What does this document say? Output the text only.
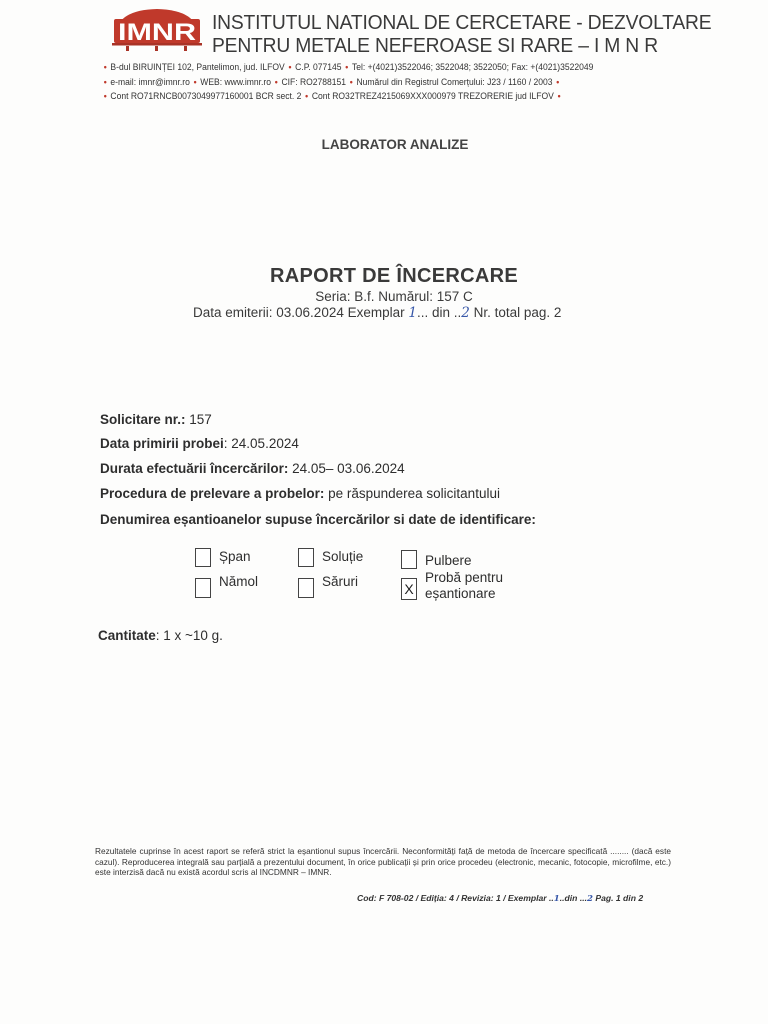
IMNR INSTITUTUL NATIONAL DE CERCETARE - DEZVOLTARE
PENTRU METALE NEFEROASE SI RARE – I M N R
• B-dul BIRUINȚEI 102, Pantelimon, jud. ILFOV • C.P. 077145 • Tel: +(4021)3522046; 3522048; 3522050; Fax: +(4021)3522049
• e-mail: imnr@imnr.ro • WEB: www.imnr.ro • CIF: RO2788151 • Numărul din Registrul Comerțului: J23 / 1160 / 2003 •
• Cont RO71RNCB0073049977160001 BCR sect. 2 • Cont RO32TREZ4215069XXX000979 TREZORERIE jud ILFOV •
LABORATOR ANALIZE
RAPORT DE ÎNCERCARE
Seria: B.f. Numărul: 157 C
Data emiterii: 03.06.2024 Exemplar 1... din ..2 Nr. total pag. 2
Solicitare nr.: 157
Data primirii probei: 24.05.2024
Durata efectuării încercărilor: 24.05– 03.06.2024
Procedura de prelevare a probelor: pe răspunderea solicitantului
Denumirea eșantioanelor supuse încercărilor si date de identificare:
Șpan
Nămol
Soluție
Săruri	X
Pulbere
Probă pentru
eșantionare
Cantitate: 1 x ~10 g.
Rezultatele cuprinse în acest raport se referă strict la eșantionul supus încercării. Neconformități față de metoda de încercare specificată ........ (dacă este cazul). Reproducerea integrală sau parțială a prezentului document, în orice publicații și prin orice procedeu (electronic, mecanic, fotocopie, microfilme, etc.) este interzisă dacă nu există acordul scris al INCDMNR – IMNR.
Cod: F 708-02 / Ediția: 4 / Revizia: 1 / Exemplar ..1..din ...2 Pag. 1 din 2
